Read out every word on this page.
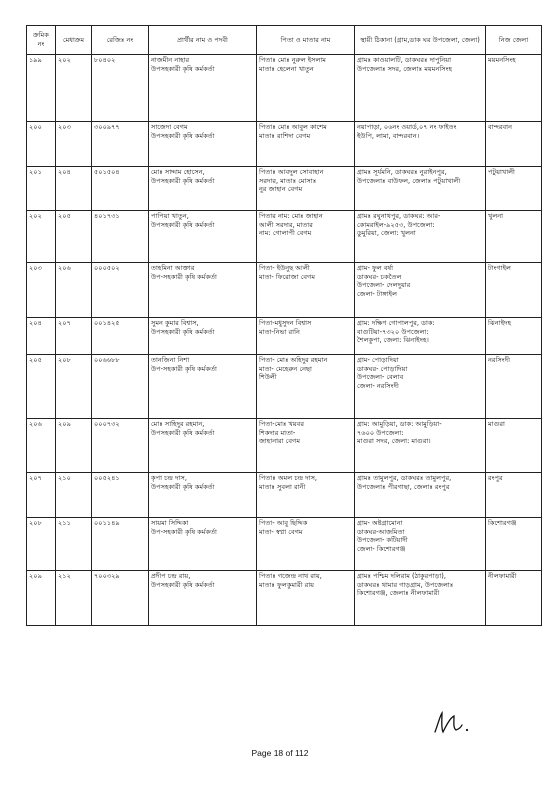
ক্রমিক নং	মেধাক্রম	রেজিঃ নং	প্রার্থীর নাম ও পদবী	পিতা ও মাতার নাম	স্থায়ী ঠিকানা (গ্রাম,ডাক ঘর উপজেলা, জেলা)	নিজ জেলা
১৯৯	২০২	৮০৪০২	নাজমীন নাহার
উপসহকারী কৃষি কর্মকর্তা	পিতাঃ মোঃ নুরুল ইসলাম
মাতাঃ হেলেনা খাতুন	গ্রামঃ কাওয়ালটি, ডাকঘরঃ দাপুনিয়া
উপজেলাঃ সদর, জেলাঃ ময়মনসিংহ	ময়মনসিংহ
২০০	২০৩	৩০০৯৭৭	সাজেদা বেগম
উপসহকারী কৃষি কর্মকর্তা	পিতাঃ মোঃ আবুল কাশেম
মাতাঃ রাশিদা বেগম	নয়াপাড়া, ০৬নং ওয়ার্ড,০৭ নং ফাইতং
ইউপি, লামা, বান্দরবান।	বান্দরবান
২০১	২০৪	৫০১৫০৪	মোঃ সাদ্দাম হোসেন,
উপসহকারী কৃষি কর্মকর্তা	পিতাঃ আবদুল সোবাহান
সরদার, মাতাঃ মোসাঃ
নুর জাহান বেগম	গ্রামঃ সূর্যমনি, ডাকঘরঃ নুরাইনপুর,
উপজেলাঃ বাউফল, জেলাঃ পটুয়াখালী	পটুয়াখালী
২০২	২০৫	৪০১৭৩১	পাপিয়া খাতুন,
উপসহকারী কৃষি কর্মকর্তা	পিতার নাম: মোঃ জাহান
আলী সরদার, মাতার
নাম: গোলাপী বেগম	গ্রামঃ রঘুনাথপুর, ডাকঘর: আর-
কোমরাইল-৯২৫৩, উপজেলা:
ডুমুরিয়া, জেলা: খুলনা	খুলনা
২০৩	২০৬	০০০৫০২	তাহমিনা আক্তার
উপ-সহকারী কৃষি কর্মকর্তা	পিতা- ইউনুছ আলী
মাতা- ফিরোজা বেগম	গ্রাম- ফুল বর্ষা
ডাকঘর- চকতৈল
উপজেলা- দেলদুয়ার
জেলা- টাঙ্গাইল	টাংগাইল
২০৪	২০৭	০০১৪২৫	সুমন কুমার বিশ্বাস,
উপসহকারী কৃষি কর্মকর্তা	পিতা-মধুসুদন বিশ্বাস
মাতা-নিভা রানি	গ্রাম: দক্ষিণ গোপালপুর, ডাক:
বাগুটিয়া-৭৩২০ উপজেলা:
শৈলকুপা, জেলা: ঝিনাইদহ।	ঝিনাইদহ
২০৫	২০৮	০০৬৬৮৮	তানজিনা নিশা
উপ-সহকারী কৃষি কর্মকর্তা	পিতা- মোঃ অহিদুর রহমান
মাতা- মেহেরুন নেছা
শিউলী	গ্রাম- পোড়াদিয়া
ডাকঘর- পোড়াদিয়া
উপজেলা- বেলাব
জেলা- নরসিংদী	নরসিংদী
২০৬	২০৯	০০০৭৩২	মোঃ সাহিদুর রহমান,
উপসহকারী কৃষি কর্মকর্তা	পিতা-মোঃ খয়বর
শিকদার মাতা-
জাহানারা বেগম	গ্রাম: আমুড়িয়া, ডাক: আমুড়িয়া-
৭৬০০ উপজেলা:
মাগুরা সদর, জেলা: মাগুরা।	মাগুরা
২০৭	২১০	০০৫২৪১	কৃপা চন্দ্র দাস,
উপসহকারী কৃষি কর্মকর্তা	পিতাঃ অমল চন্দ্র দাস,
মাতাঃ সুবলা রানী	গ্রামঃ তামুলপুর, ডাকঘরঃ তামুলপুর,
উপজেলাঃ পীরগাছা, জেলাঃ রংপুর	রংপুর
২০৮	২১১	০০১১৪৯	সায়মা সিদ্দিকা
উপ-সহকারী কৃষি কর্মকর্তা	পিতা- আবু ছিদ্দিক
মাতা- স্বপ্না বেগম	গ্রাম- অষ্টগ্রামোনা
ডাকঘর-আজমিতা
উপজেলা- কটিয়াদী
জেলা- কিশোরগঞ্জ	কিশোরগঞ্জ
২০৯	২১২	৭০০৩২৯	প্রদীপ চন্দ্র রায়,
উপসহকারী কৃষি কর্মকর্তা	পিতাঃ গজেন্দ্র নাথ রায়,
মাতাঃ ফুলকুমারী রায়	গ্রামঃ পশ্চিম দলিরাম (ঠাকুরপাড়া),
ডাকঘরঃ থামার গাড়গ্রাম, উপজেলাঃ
কিশোরগঞ্জ, জেলাঃ নীলফামারী	নীলফামারী
Page 18 of 112
